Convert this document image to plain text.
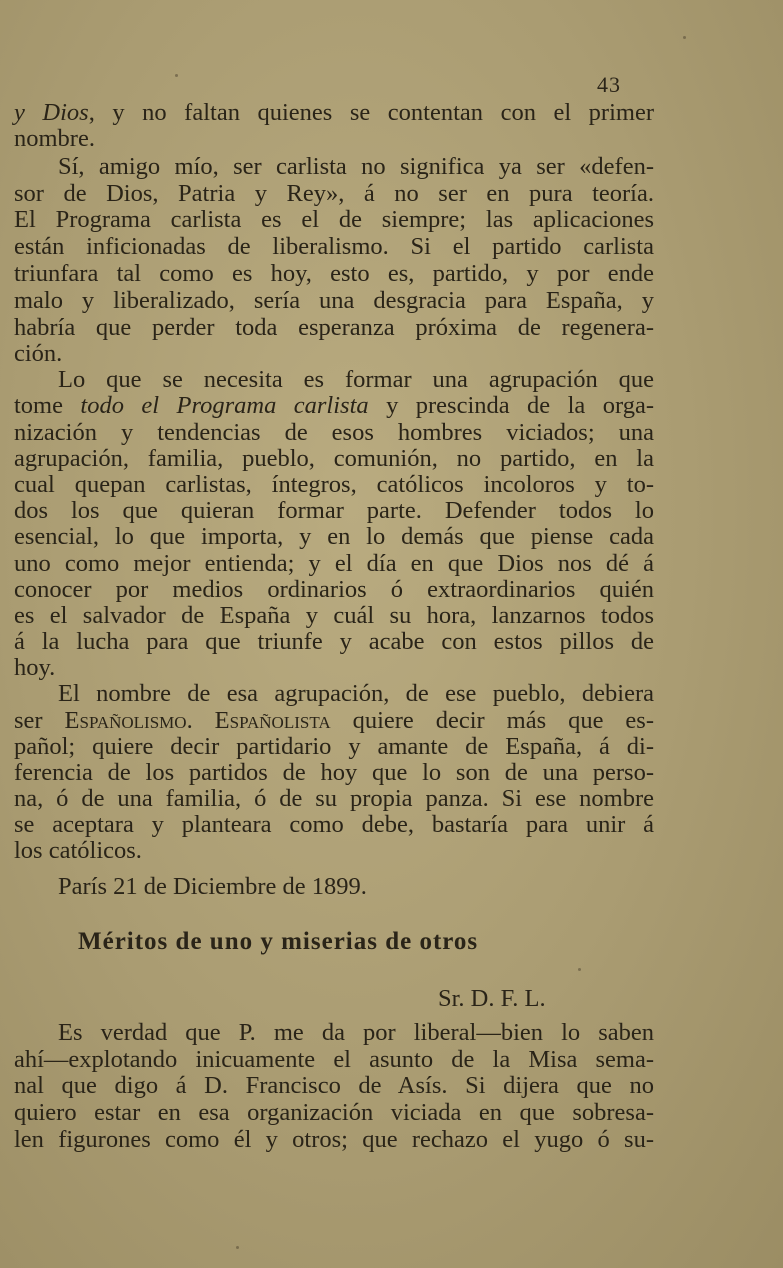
43
y Dios, y no faltan quienes se contentan con el primer
nombre.
Sí, amigo mío, ser carlista no significa ya ser «defen-
sor de Dios, Patria y Rey», á no ser en pura teoría.
El Programa carlista es el de siempre; las aplicaciones
están inficionadas de liberalismo. Si el partido carlista
triunfara tal como es hoy, esto es, partido, y por ende
malo y liberalizado, sería una desgracia para España, y
habría que perder toda esperanza próxima de regenera-
ción.
Lo que se necesita es formar una agrupación que
tome todo el Programa carlista y prescinda de la orga-
nización y tendencias de esos hombres viciados; una
agrupación, familia, pueblo, comunión, no partido, en la
cual quepan carlistas, íntegros, católicos incoloros y to-
dos los que quieran formar parte. Defender todos lo
esencial, lo que importa, y en lo demás que piense cada
uno como mejor entienda; y el día en que Dios nos dé á
conocer por medios ordinarios ó extraordinarios quién
es el salvador de España y cuál su hora, lanzarnos todos
á la lucha para que triunfe y acabe con estos pillos de
hoy.
El nombre de esa agrupación, de ese pueblo, debiera
ser Españolismo. Españolista quiere decir más que es-
pañol; quiere decir partidario y amante de España, á di-
ferencia de los partidos de hoy que lo son de una perso-
na, ó de una familia, ó de su propia panza. Si ese nombre
se aceptara y planteara como debe, bastaría para unir á
los católicos.
París 21 de Diciembre de 1899.
Méritos de uno y miserias de otros
Sr. D. F. L.
Es verdad que P. me da por liberal—bien lo saben
ahí—explotando inicuamente el asunto de la Misa sema-
nal que digo á D. Francisco de Asís. Si dijera que no
quiero estar en esa organización viciada en que sobresa-
len figurones como él y otros; que rechazo el yugo ó su-
